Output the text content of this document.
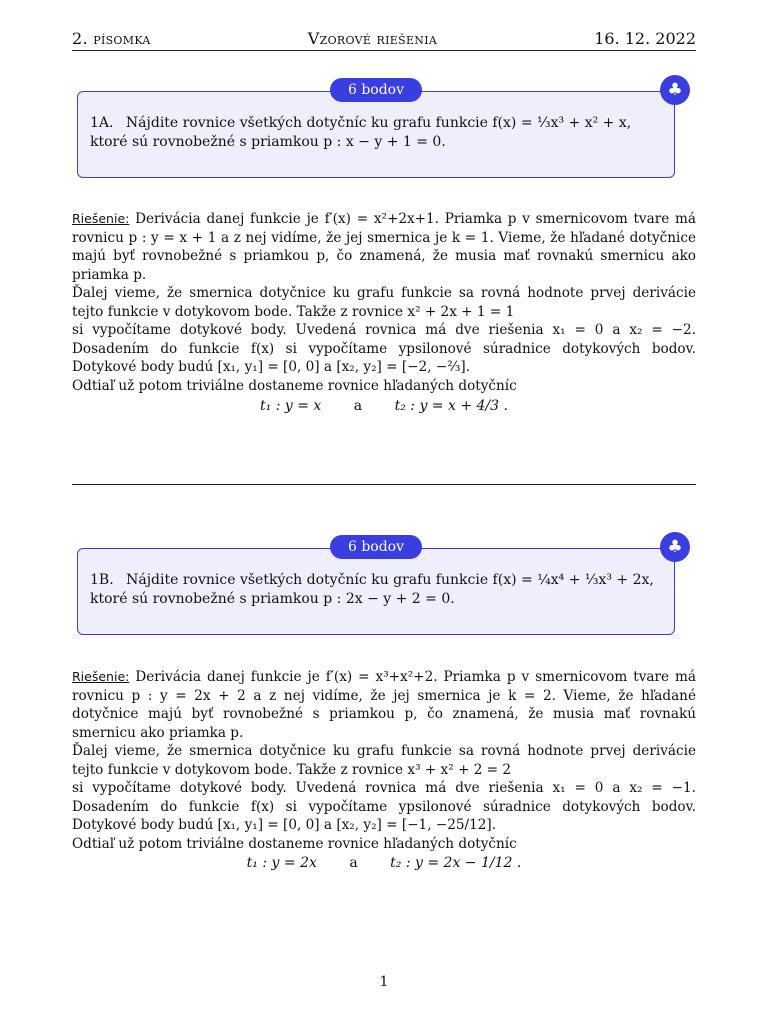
2. písomka	Vzorové riešenia	16. 12. 2022
6 bodov	♣
1A. Nájdite rovnice všetkých dotyčníc ku grafu funkcie f(x) = ⅓x³ + x² + x, ktoré sú rovnobežné s priamkou p : x − y + 1 = 0.

Riešenie: Derivácia danej funkcie je f′(x) = x²+2x+1. Priamka p v smernicovom tvare má rovnicu p : y = x + 1 a z nej vidíme, že jej smernica je k = 1. Vieme, že hľadané dotyčnice majú byť rovnobežné s priamkou p, čo znamená, že musia mať rovnakú smernicu ako priamka p.

Ďalej vieme, že smernica dotyčnice ku grafu funkcie sa rovná hodnote prvej derivácie tejto funkcie v dotykovom bode. Takže z rovnice x² + 2x + 1 = 1

si vypočítame dotykové body. Uvedená rovnica má dve riešenia x₁ = 0 a x₂ = −2. Dosadením do funkcie f(x) si vypočítame ypsilonové súradnice dotykových bodov. Dotykové body budú [x₁, y₁] = [0, 0] a [x₂, y₂] = [−2, −⅔].

Odtiaľ už potom triviálne dostaneme rovnice hľadaných dotyčníc

t₁ : y = x a t₂ : y = x + 4/3 .
6 bodov	♣
1B. Nájdite rovnice všetkých dotyčníc ku grafu funkcie f(x) = ¼x⁴ + ⅓x³ + 2x, ktoré sú rovnobežné s priamkou p : 2x − y + 2 = 0.

Riešenie: Derivácia danej funkcie je f′(x) = x³+x²+2. Priamka p v smernicovom tvare má rovnicu p : y = 2x + 2 a z nej vidíme, že jej smernica je k = 2. Vieme, že hľadané dotyčnice majú byť rovnobežné s priamkou p, čo znamená, že musia mať rovnakú smernicu ako priamka p.

Ďalej vieme, že smernica dotyčnice ku grafu funkcie sa rovná hodnote prvej derivácie tejto funkcie v dotykovom bode. Takže z rovnice x³ + x² + 2 = 2

si vypočítame dotykové body. Uvedená rovnica má dve riešenia x₁ = 0 a x₂ = −1. Dosadením do funkcie f(x) si vypočítame ypsilonové súradnice dotykových bodov. Dotykové body budú [x₁, y₁] = [0, 0] a [x₂, y₂] = [−1, −25/12].

Odtiaľ už potom triviálne dostaneme rovnice hľadaných dotyčníc

t₁ : y = 2x a t₂ : y = 2x − 1/12 .
1
